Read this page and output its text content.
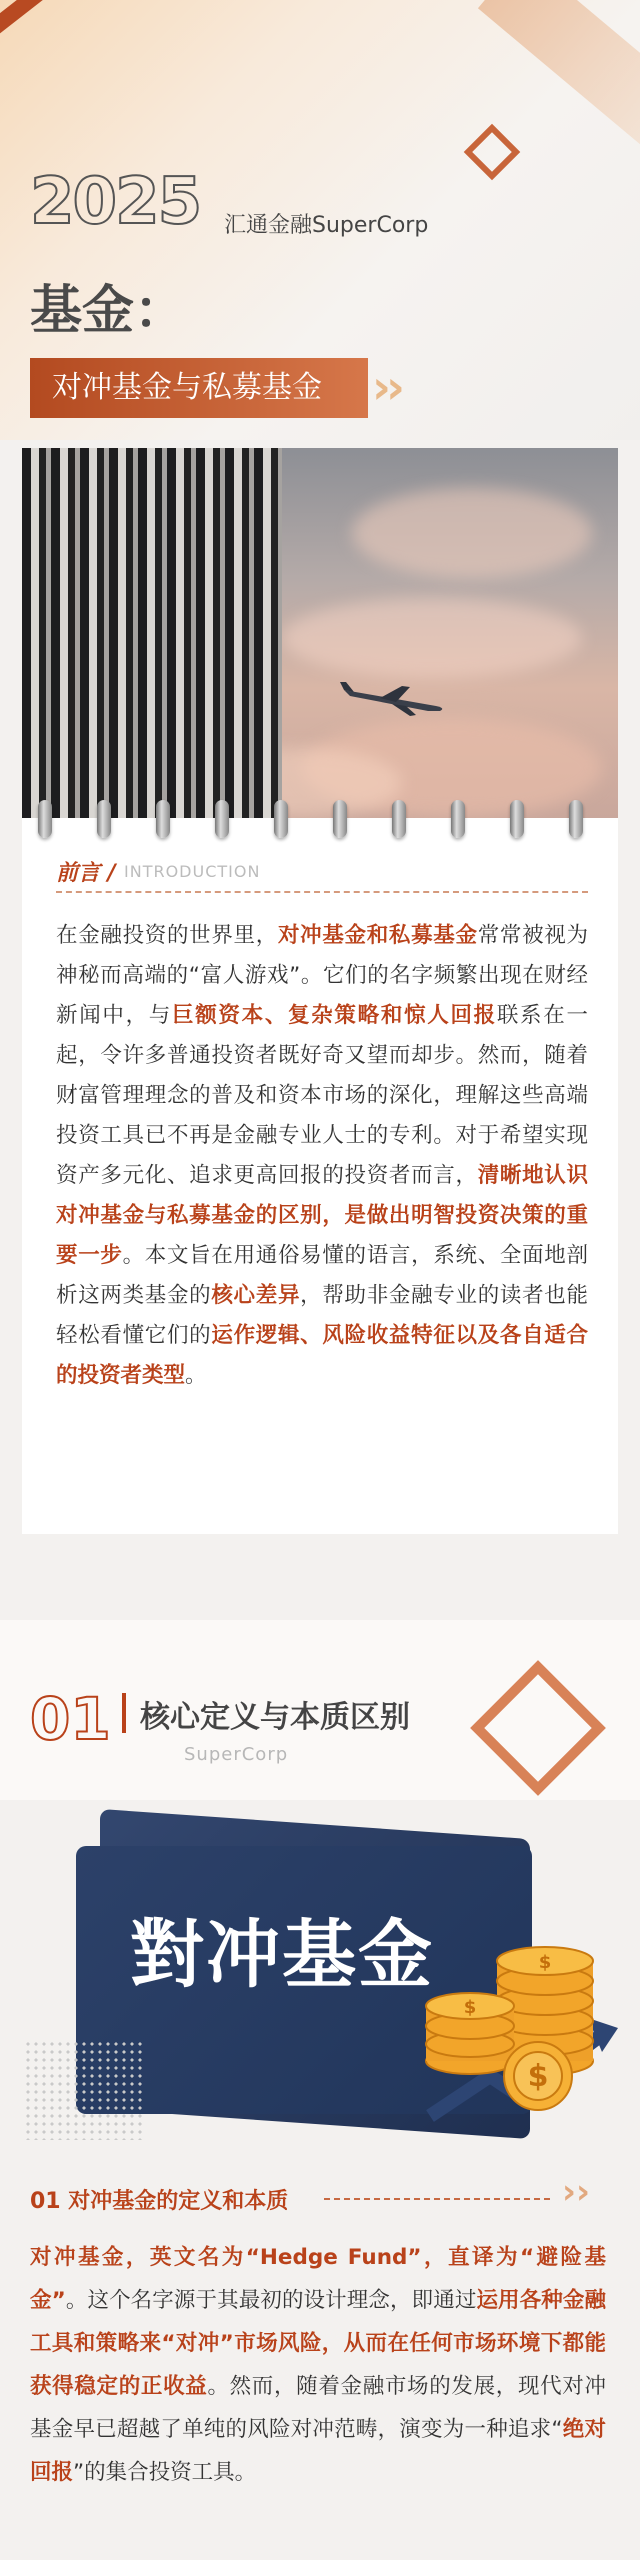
2025 汇通金融SuperCorp
基金：
对冲基金与私募基金	›
›
前言 / INTRODUCTION
在金融投资的世界里，对冲基金和私募基金常常被视为神秘而高端的“富人游戏”。它们的名字频繁出现在财经新闻中，与巨额资本、复杂策略和惊人回报联系在一起，令许多普通投资者既好奇又望而却步。然而，随着财富管理理念的普及和资本市场的深化，理解这些高端投资工具已不再是金融专业人士的专利。对于希望实现资产多元化、追求更高回报的投资者而言，清晰地认识对冲基金与私募基金的区别，是做出明智投资决策的重要一步。本文旨在用通俗易懂的语言，系统、全面地剖析这两类基金的核心差异，帮助非金融专业的读者也能轻松看懂它们的运作逻辑、风险收益特征以及各自适合的投资者类型。
01 核心定义与本质区别
SuperCorp
對冲基金
$
$
$
01 对冲基金的定义和本质	››
对冲基金，英文名为“Hedge Fund”，直译为“避险基金”。这个名字源于其最初的设计理念，即通过运用各种金融工具和策略来“对冲”市场风险，从而在任何市场环境下都能获得稳定的正收益。然而，随着金融市场的发展，现代对冲基金早已超越了单纯的风险对冲范畴，演变为一种追求“绝对回报”的集合投资工具。
